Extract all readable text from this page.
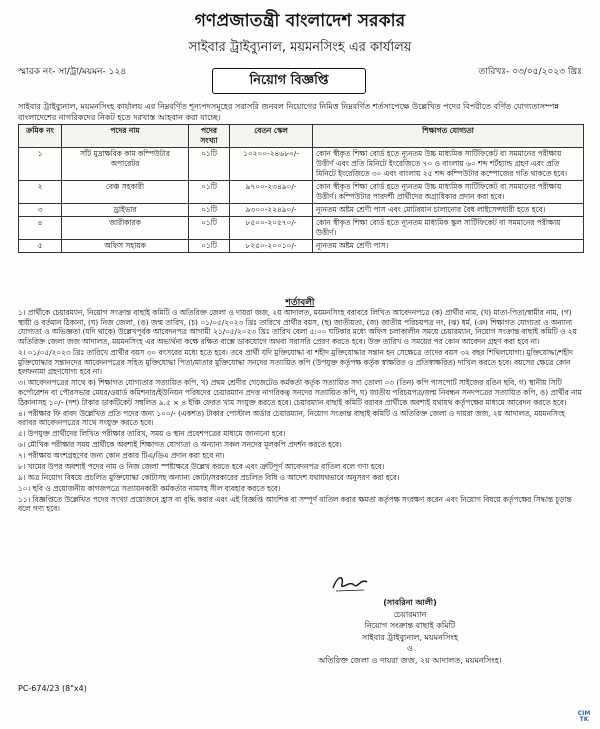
গণপ্রজাতন্ত্রী বাংলাদেশ সরকার
সাইবার ট্রাইব্যুনাল, ময়মনসিংহ এর কার্যালয়
স্মারক নং- সা/ট্রা/ময়মন- ১২৪	তারিখঃ- ০৩/০৫/২০২৩ খ্রিঃ
নিয়োগ বিজ্ঞপ্তি
সাইবার ট্রাইব্যুনাল, ময়মনসিংহ কার্যালয় এর নিম্নবর্ণিত শূন্যপদসমূহের সরাসরি জনবল নিয়োগের নিমিত্ত নিম্নবর্ণিত শর্তসাপেক্ষে উল্লেখিত পদের বিপরীতে বর্ণিত যোগ্যতাসম্পন্ন বাংলাদেশের নাগরিকদের নিকট হতে দরখাস্ত আহবান করা যাচ্ছে।
ক্রমিক নং	পদের নাম	পদের সংখ্যা	বেতন স্কেল	শিক্ষাগত যোগ্যতা
১	সাঁট মুদ্রাক্ষরিক কাম কম্পিউটার অপারেটর	০১টি	১০২০০-২৪৬৮০/-	কোন স্বীকৃত শিক্ষা বোর্ড হতে ন্যূনতম উচ্চ মাধ্যমিক সার্টিফিকেট বা সমমানের পরীক্ষায় উত্তীর্ণ এবং প্রতি মিনিটে ইংরেজিতে ৭০ ও বাংলায় ৬০ শব্দ শর্টহ্যান্ড গ্রহণ এবং প্রতি মিনিটে ইংরেজিতে ৩০ এবং বাংলায় ২৫ শব্দ কম্পিউটার কম্পোজের গতি থাকতে হবে।
২	বেঞ্চ সহকারী	০১টি	৯৭০০-২৩৪৯০/-	কোন স্বীকৃত শিক্ষা বোর্ড হতে ন্যূনতম উচ্চ মাধ্যমিক সার্টিফিকেট বা সমমানের পরীক্ষায় উত্তীর্ণ। কম্পিউটার পারদর্শী প্রার্থীদের অগ্রাধিকার প্রদান করা হবে।
৩	ড্রাইভার	০১টি	৯৩০০-২২৪৯০/-	ন্যূনতম অষ্টম শ্রেণী পাস এবং মোটরযান চালানোর বৈধ লাইসেন্সধারী হতে হবে।
৪	জারীকারক	০১টি	৮৫০০-২০৫৭০/-	কোন স্বীকৃত শিক্ষা বোর্ড হতে ন্যূনতম মাধ্যমিক স্কুল সার্টিফিকেট বা সমমানের পরীক্ষায় উত্তীর্ণ।
৫	অফিস সহায়ক	০১টি	৮২৫০-২০০১০/-	ন্যূনতম অষ্টম শ্রেণী পাস।
শর্তাবলী

১। প্রার্থীকে চেয়ারম্যান, নিয়োগ সংক্রান্ত বাছাই কমিটি ও অতিরিক্ত জেলা ও দায়রা জজ, ২য় আদালত, ময়মনসিংহ বরাবরে লিখিত আবেদনপত্রে (ক) প্রার্থীর নাম, (খ) মাতা-পিতা/স্বামীর নাম, (গ) স্থায়ী ও বর্তমান ঠিকানা, (ঘ) নিজ জেলা, (ঙ) জন্ম তারিখ, (চ) ০১/০৫/২০২৩ খ্রিঃ তারিখে প্রার্থীর বয়স, (ছ) জাতীয়তা, (জ) জাতীয় পরিচয়পত্র নং, (ঝ) ধর্ম, (ঞ) শিক্ষাগত যোগ্যতা ও অন্যান্য যোগ্যতা ও অভিজ্ঞতা (যদি থাকে) উল্লেখপূর্বক আবেদনপত্র আগামী ২১/০৫/২০২৩ খ্রিঃ তারিখ বেলা ৫:০০ ঘটিকার মধ্যে অফিস চলাকালীন সময়ে চেয়ারম্যান, নিয়োগ সংক্রান্ত বাছাই কমিটি ও ২য় অতিরিক্ত জেলা জজ আদালত, ময়মনসিংহ এর অভ্যর্থনা কক্ষে রক্ষিত বাক্সে ডাকযোগে অথবা সরাসরি প্রেরণ করতে হবে। উক্ত তারিখ ও সময়ের পর কোন আবেদন গ্রহণ করা হবে না।

২। ০১/০৫/২০২৩ খ্রিঃ তারিখে প্রার্থীর বয়স ৩০ বৎসরের মধ্যে হতে হবে। তবে প্রার্থী যদি মুক্তিযোদ্ধা বা শহীদ মুক্তিযোদ্ধার সন্তান হন সেক্ষেত্রে তাদের বয়স ৩২ বছর শিথিলযোগ্য। মুক্তিযোদ্ধা/শহীদ মুক্তিযোদ্ধার সন্তানদের আবেদনপত্রের সহিত মুক্তিযোদ্ধা পিতা/মাতার মুক্তিযোদ্ধা সনদের সত্যায়িত কপি (উপযুক্ত কর্তৃপক্ষ কর্তৃক স্বাক্ষরিত ও প্রতিস্বাক্ষরিত) দাখিল করতে হবে। বয়সের ক্ষেত্রে কোন হলফনামা গ্রহণযোগ্য হবে না।

৩। আবেদনপত্রের সাথে ক) শিক্ষাগত যোগ্যতার সত্যায়িত কপি, খ) প্রথম শ্রেণীর গেজেটেড কর্মকর্তা কর্তৃক সত্যায়িত সদ্য তোলা ০৩ (তিন) কপি পাসপোর্ট সাইজের রঙিন ছবি, গ) স্থানীয় সিটি কর্পোরেশন বা পৌরসভার মেয়র/ওয়ার্ড কমিশনার/ইউনিয়ন পরিষদের চেয়ারম্যান প্রদত্ত নাগরিকত্ব সনদের সত্যায়িত কপি, ঘ) জাতীয় পরিচয়পত্র/জন্ম নিবন্ধন সনদপত্রের সত্যায়িত কপি, ঙ) প্রার্থীর নাম ঠিকানাসহ ১০/- (দশ) টাকার ডাকটিকেট সম্বলিত ৯.৫ × ৪ ইঞ্চি ফেরত খাম সংযুক্ত করতে হবে। চেয়ারম্যান বাছাই কমিটি বরাবর প্রার্থীকে অবশ্যই যথাযথ কর্তৃপক্ষের মাধ্যমে আবেদন করতে হবে।

৪। পরীক্ষার ফি বাবদ উল্লেখিত প্রতি পদের জন্য ১০০/- (একশত) টাকার পোস্টাল অর্ডার চেয়ারম্যান, নিয়োগ সংক্রান্ত বাছাই কমিটি ও অতিরিক্ত জেলা ও দায়রা জজ, ২য় আদালত, ময়মনসিংহ বরাবর আবেদনপত্রের সাথে সংযুক্ত করতে হবে।

৫। উপযুক্ত প্রার্থীদের লিখিত পরীক্ষার তারিখ, সময় ও স্থান প্রবেশপত্রের মাধ্যমে জানানো হবে।

৬। মৌখিক পরীক্ষার সময় প্রার্থীকে অবশ্যই শিক্ষাগত যোগ্যতা ও অন্যান্য সকল সনদের মূলকপি প্রদর্শন করতে হবে।

৭। পরীক্ষায় অংশগ্রহণের জন্য কোন প্রকার টিএ/ডিএ প্রদান করা হবে না।

৮। খামের উপর অবশ্যই পদের নাম ও নিজ জেলা স্পষ্টাক্ষরে উল্লেখ করতে হবে এবং ত্রুটিপূর্ণ আবেদনপত্র বাতিল বলে গণ্য হবে।

৯। অত্র নিয়োগ বিষয়ে প্রচলিত মুক্তিযোদ্ধা কোটাসহ অন্যান্য কোটা/সরকারের প্রচলিত বিধি ও আদেশ যথাযথভাবে অনুসরণ করা হবে।

১০। ছবি ও প্রয়োজনীয় কাগজপত্রে সত্যায়নকারী কর্মকর্তার নামসহ সীল ব্যবহার করতে হবে।

১১। বিজ্ঞপ্তিতে উল্লেখিত পদের সংখ্যা প্রয়োজনে হ্রাস বা বৃদ্ধি করার এবং এই বিজ্ঞপ্তি আংশিক বা সম্পূর্ণ বাতিল করার ক্ষমতা কর্তৃপক্ষ সংরক্ষণ করেন এবং নিয়োগ বিষয়ে কর্তৃপক্ষের সিদ্ধান্ত চূড়ান্ত বলে গণ্য হবে।

(সাবরিনা আলী)
চেয়ারম্যান
নিয়োগ সংক্রান্ত বাছাই কমিটি
সাইবার ট্রাইব্যুনাল, ময়মনসিংহ
ও
অতিরিক্ত জেলা ও দায়রা জজ, ২য় আদালত, ময়মনসিংহ।
PC-674/23 (8"x4)
CIM TK
